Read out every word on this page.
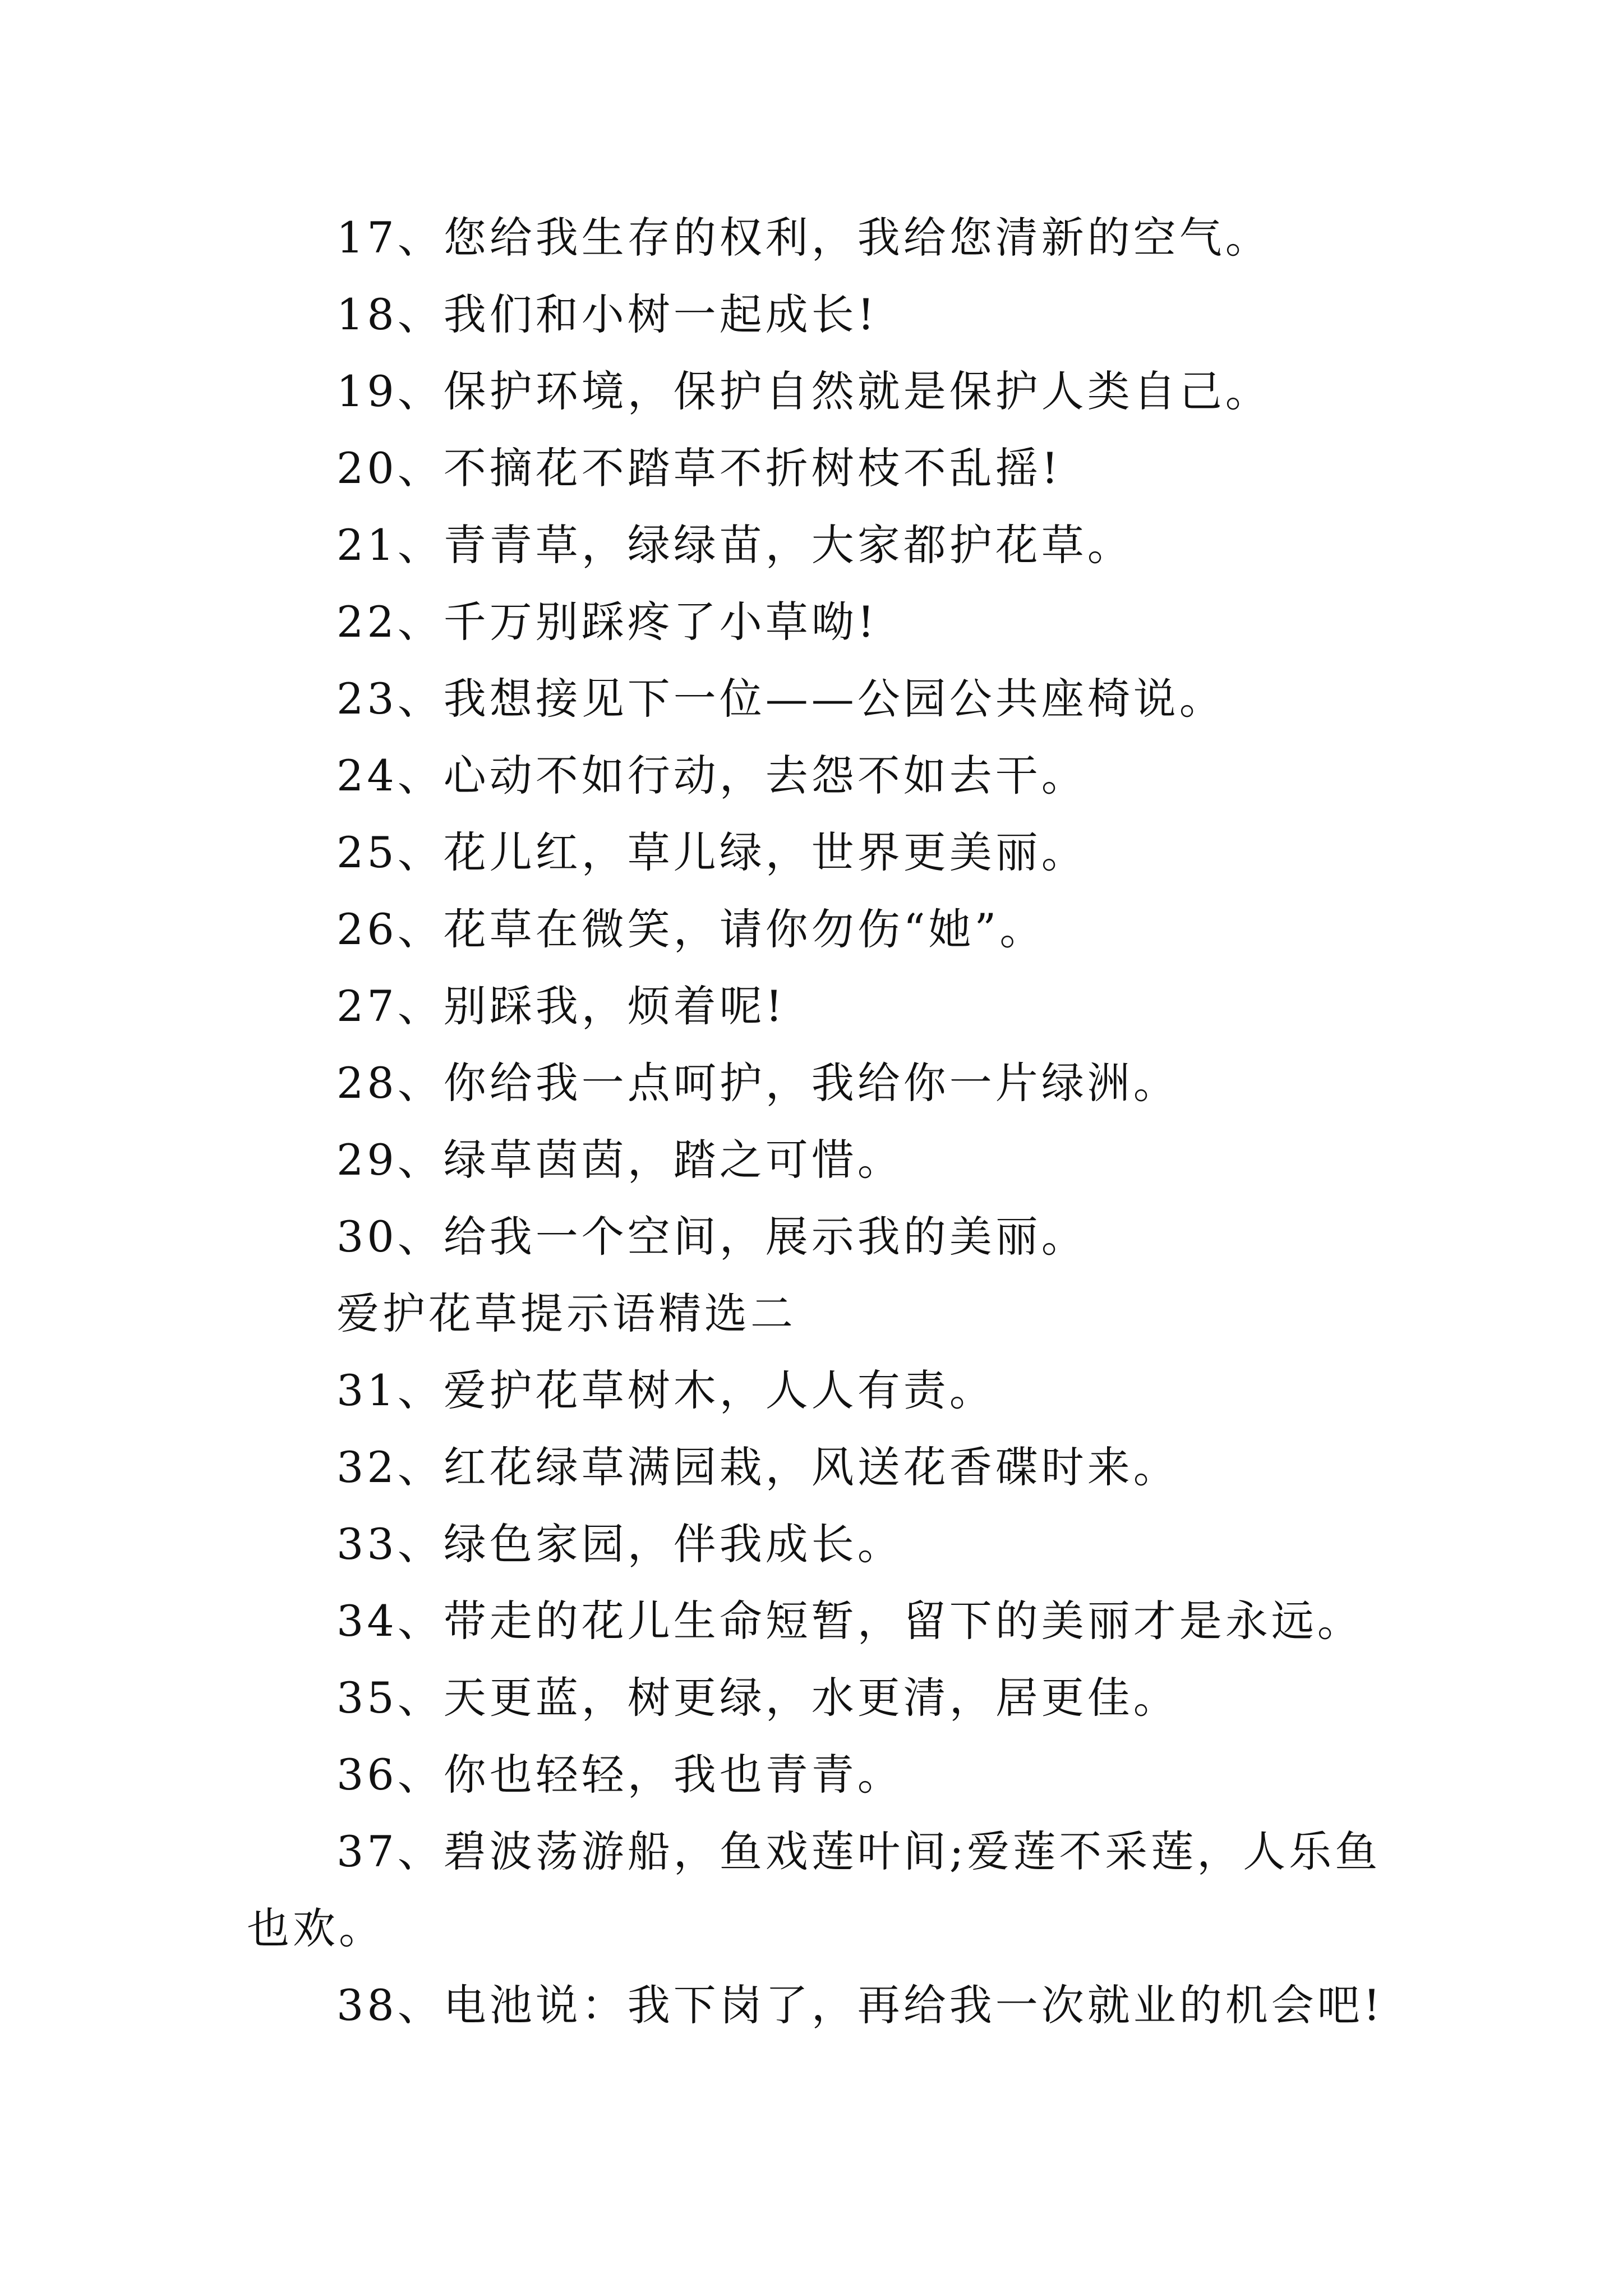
17、您给我生存的权利，我给您清新的空气。
18、我们和小树一起成长!
19、保护环境，保护自然就是保护人类自己。
20、不摘花不踏草不折树枝不乱摇!
21、青青草，绿绿苗，大家都护花草。
22、千万别踩疼了小草呦!
23、我想接见下一位——公园公共座椅说。
24、心动不如行动，去怨不如去干。
25、花儿红，草儿绿，世界更美丽。
26、花草在微笑，请你勿伤“她”。
27、别踩我，烦着呢!
28、你给我一点呵护，我给你一片绿洲。
29、绿草茵茵，踏之可惜。
30、给我一个空间，展示我的美丽。
爱护花草提示语精选二
31、爱护花草树木，人人有责。
32、红花绿草满园栽，风送花香碟时来。
33、绿色家园，伴我成长。
34、带走的花儿生命短暂，留下的美丽才是永远。
35、天更蓝，树更绿，水更清，居更佳。
36、你也轻轻，我也青青。
37、碧波荡游船，鱼戏莲叶间;爱莲不采莲，人乐鱼也欢。
38、电池说：我下岗了，再给我一次就业的机会吧!
